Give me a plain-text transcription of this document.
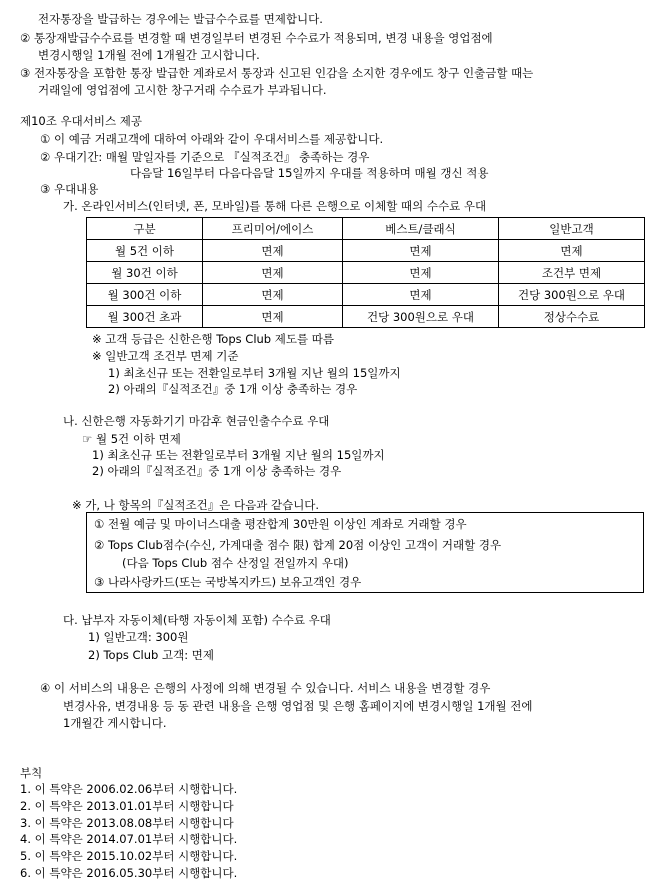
전자통장을 발급하는 경우에는 발급수수료를 면제합니다.
② 통장재발급수수료를 변경할 때 변경일부터 변경된 수수료가 적용되며, 변경 내용을 영업점에
변경시행일 1개월 전에 1개월간 고시합니다.
③ 전자통장을 포함한 통장 발급한 계좌로서 통장과 신고된 인감을 소지한 경우에도 창구 인출금할 때는
거래일에 영업점에 고시한 창구거래 수수료가 부과됩니다.
제10조 우대서비스 제공
① 이 예금 거래고객에 대하여 아래와 같이 우대서비스를 제공합니다.
② 우대기간: 매월 말일자를 기준으로 『실적조건』 충족하는 경우
다음달 16일부터 다음다음달 15일까지 우대를 적용하며 매월 갱신 적용
③ 우대내용
가. 온라인서비스(인터넷, 폰, 모바일)를 통해 다른 은행으로 이체할 때의 수수료 우대
구분	프리미어/에이스	베스트/클래식	일반고객
월 5건 이하	면제	면제	면제
월 30건 이하	면제	면제	조건부 면제
월 300건 이하	면제	면제	건당 300원으로 우대
월 300건 초과	면제	건당 300원으로 우대	정상수수료
※ 고객 등급은 신한은행 Tops Club 제도를 따름
※ 일반고객 조건부 면제 기준
1) 최초신규 또는 전환일로부터 3개월 지난 월의 15일까지
2) 아래의『실적조건』중 1개 이상 충족하는 경우
나. 신한은행 자동화기기 마감후 현금인출수수료 우대
☞ 월 5건 이하 면제
1) 최초신규 또는 전환일로부터 3개월 지난 월의 15일까지
2) 아래의『실적조건』중 1개 이상 충족하는 경우
※ 가, 나 항목의『실적조건』은 다음과 같습니다.
① 전월 예금 및 마이너스대출 평잔합계 30만원 이상인 계좌로 거래할 경우
② Tops Club점수(수신, 가계대출 점수 限) 합계 20점 이상인 고객이 거래할 경우
(다음 Tops Club 점수 산정일 전일까지 우대)
③ 나라사랑카드(또는 국방복지카드) 보유고객인 경우
다. 납부자 자동이체(타행 자동이체 포함) 수수료 우대
1) 일반고객: 300원
2) Tops Club 고객: 면제
④ 이 서비스의 내용은 은행의 사정에 의해 변경될 수 있습니다. 서비스 내용을 변경할 경우
변경사유, 변경내용 등 동 관련 내용을 은행 영업점 및 은행 홈페이지에 변경시행일 1개월 전에
1개월간 게시합니다.
부칙
1. 이 특약은 2006.02.06부터 시행합니다.
2. 이 특약은 2013.01.01부터 시행합니다
3. 이 특약은 2013.08.08부터 시행합니다
4. 이 특약은 2014.07.01부터 시행합니다.
5. 이 특약은 2015.10.02부터 시행합니다.
6. 이 특약은 2016.05.30부터 시행합니다.
